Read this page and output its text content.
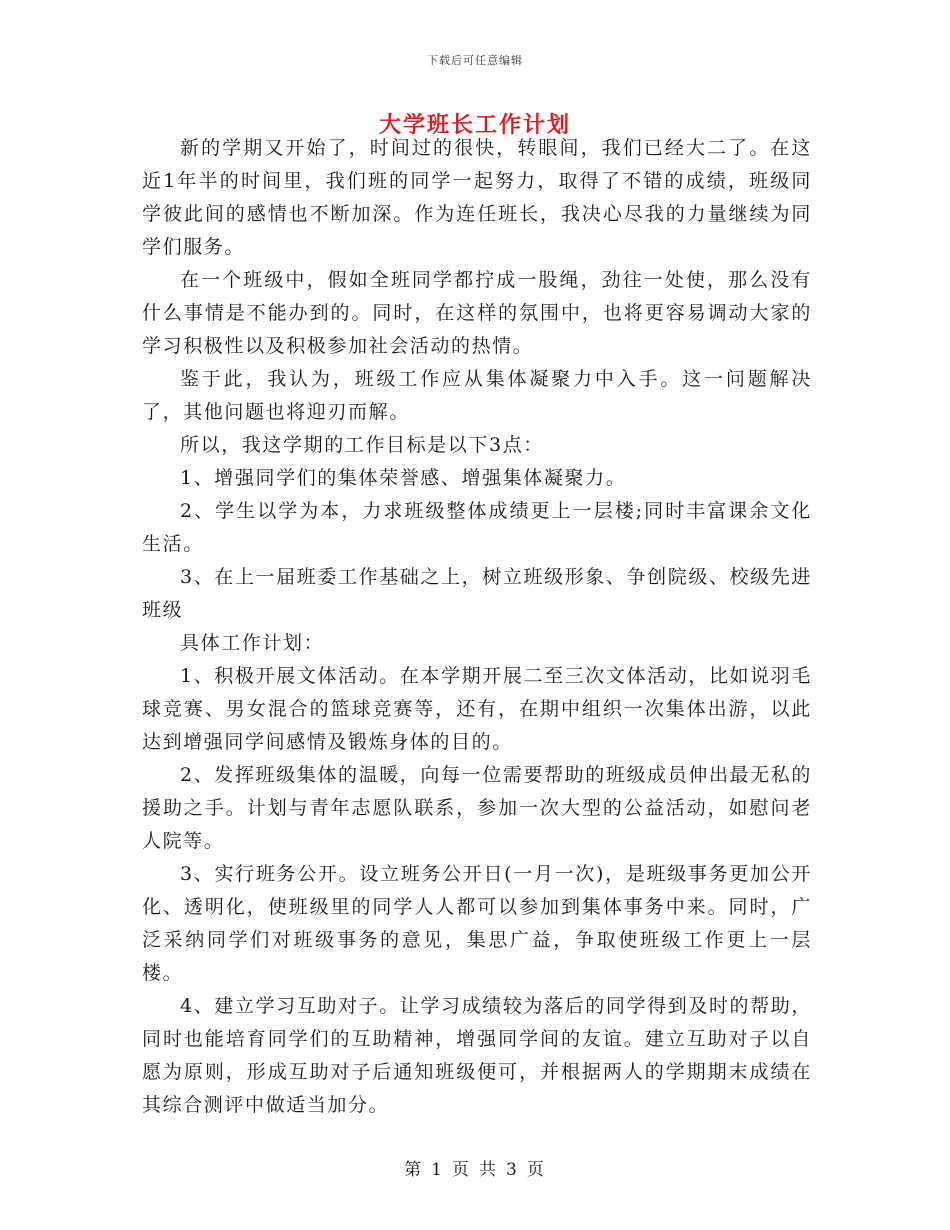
下载后可任意编辑
大学班长工作计划

新的学期又开始了，时间过的很快，转眼间，我们已经大二了。在这近1年半的时间里，我们班的同学一起努力，取得了不错的成绩，班级同学彼此间的感情也不断加深。作为连任班长，我决心尽我的力量继续为同学们服务。

在一个班级中，假如全班同学都拧成一股绳，劲往一处使，那么没有什么事情是不能办到的。同时，在这样的氛围中，也将更容易调动大家的学习积极性以及积极参加社会活动的热情。

鉴于此，我认为，班级工作应从集体凝聚力中入手。这一问题解决了，其他问题也将迎刃而解。

所以，我这学期的工作目标是以下3点：

1、增强同学们的集体荣誉感、增强集体凝聚力。

2、学生以学为本，力求班级整体成绩更上一层楼;同时丰富课余文化生活。

3、在上一届班委工作基础之上，树立班级形象、争创院级、校级先进班级

具体工作计划：

1、积极开展文体活动。在本学期开展二至三次文体活动，比如说羽毛球竞赛、男女混合的篮球竞赛等，还有，在期中组织一次集体出游，以此达到增强同学间感情及锻炼身体的目的。

2、发挥班级集体的温暖，向每一位需要帮助的班级成员伸出最无私的援助之手。计划与青年志愿队联系，参加一次大型的公益活动，如慰问老人院等。

3、实行班务公开。设立班务公开日(一月一次)，是班级事务更加公开化、透明化，使班级里的同学人人都可以参加到集体事务中来。同时，广泛采纳同学们对班级事务的意见，集思广益，争取使班级工作更上一层楼。

4、建立学习互助对子。让学习成绩较为落后的同学得到及时的帮助，同时也能培育同学们的互助精神，增强同学间的友谊。建立互助对子以自愿为原则，形成互助对子后通知班级便可，并根据两人的学期期末成绩在其综合测评中做适当加分。

第 1 页 共 3 页
